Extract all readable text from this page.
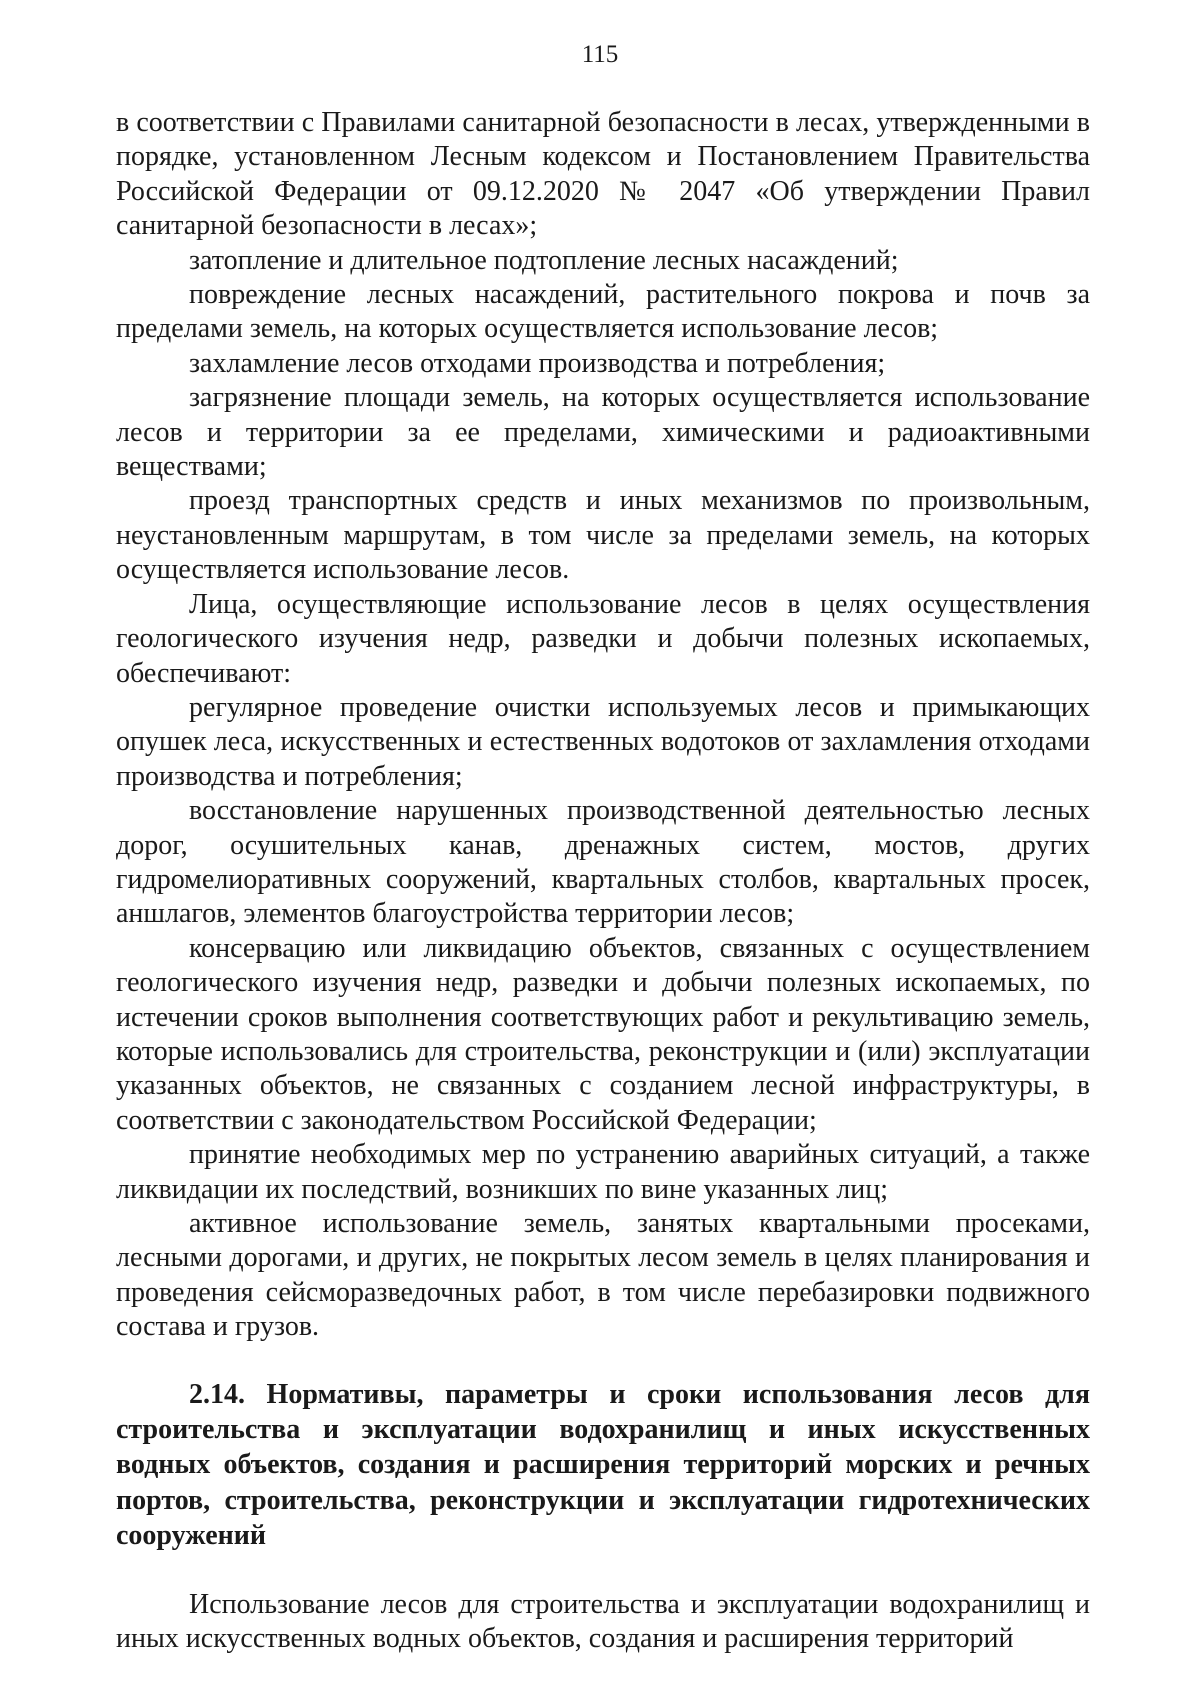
115

в соответствии с Правилами санитарной безопасности в лесах, утвержденными в порядке, установленном Лесным кодексом и Постановлением Правительства Российской Федерации от 09.12.2020 № 2047 «Об утверждении Правил санитарной безопасности в лесах»;

затопление и длительное подтопление лесных насаждений;

повреждение лесных насаждений, растительного покрова и почв за пределами земель, на которых осуществляется использование лесов;

захламление лесов отходами производства и потребления;

загрязнение площади земель, на которых осуществляется использование лесов и территории за ее пределами, химическими и радиоактивными веществами;

проезд транспортных средств и иных механизмов по произвольным, неустановленным маршрутам, в том числе за пределами земель, на которых осуществляется использование лесов.

Лица, осуществляющие использование лесов в целях осуществления геологического изучения недр, разведки и добычи полезных ископаемых, обеспечивают:

регулярное проведение очистки используемых лесов и примыкающих опушек леса, искусственных и естественных водотоков от захламления отходами производства и потребления;

восстановление нарушенных производственной деятельностью лесных дорог, осушительных канав, дренажных систем, мостов, других гидромелиоративных сооружений, квартальных столбов, квартальных просек, аншлагов, элементов благоустройства территории лесов;

консервацию или ликвидацию объектов, связанных с осуществлением геологического изучения недр, разведки и добычи полезных ископаемых, по истечении сроков выполнения соответствующих работ и рекультивацию земель, которые использовались для строительства, реконструкции и (или) эксплуатации указанных объектов, не связанных с созданием лесной инфраструктуры, в соответствии с законодательством Российской Федерации;

принятие необходимых мер по устранению аварийных ситуаций, а также ликвидации их последствий, возникших по вине указанных лиц;

активное использование земель, занятых квартальными просеками, лесными дорогами, и других, не покрытых лесом земель в целях планирования и проведения сейсморазведочных работ, в том числе перебазировки подвижного состава и грузов.

2.14. Нормативы, параметры и сроки использования лесов для строительства и эксплуатации водохранилищ и иных искусственных водных объектов, создания и расширения территорий морских и речных портов, строительства, реконструкции и эксплуатации гидротехнических сооружений

Использование лесов для строительства и эксплуатации водохранилищ и иных искусственных водных объектов, создания и расширения территорий
